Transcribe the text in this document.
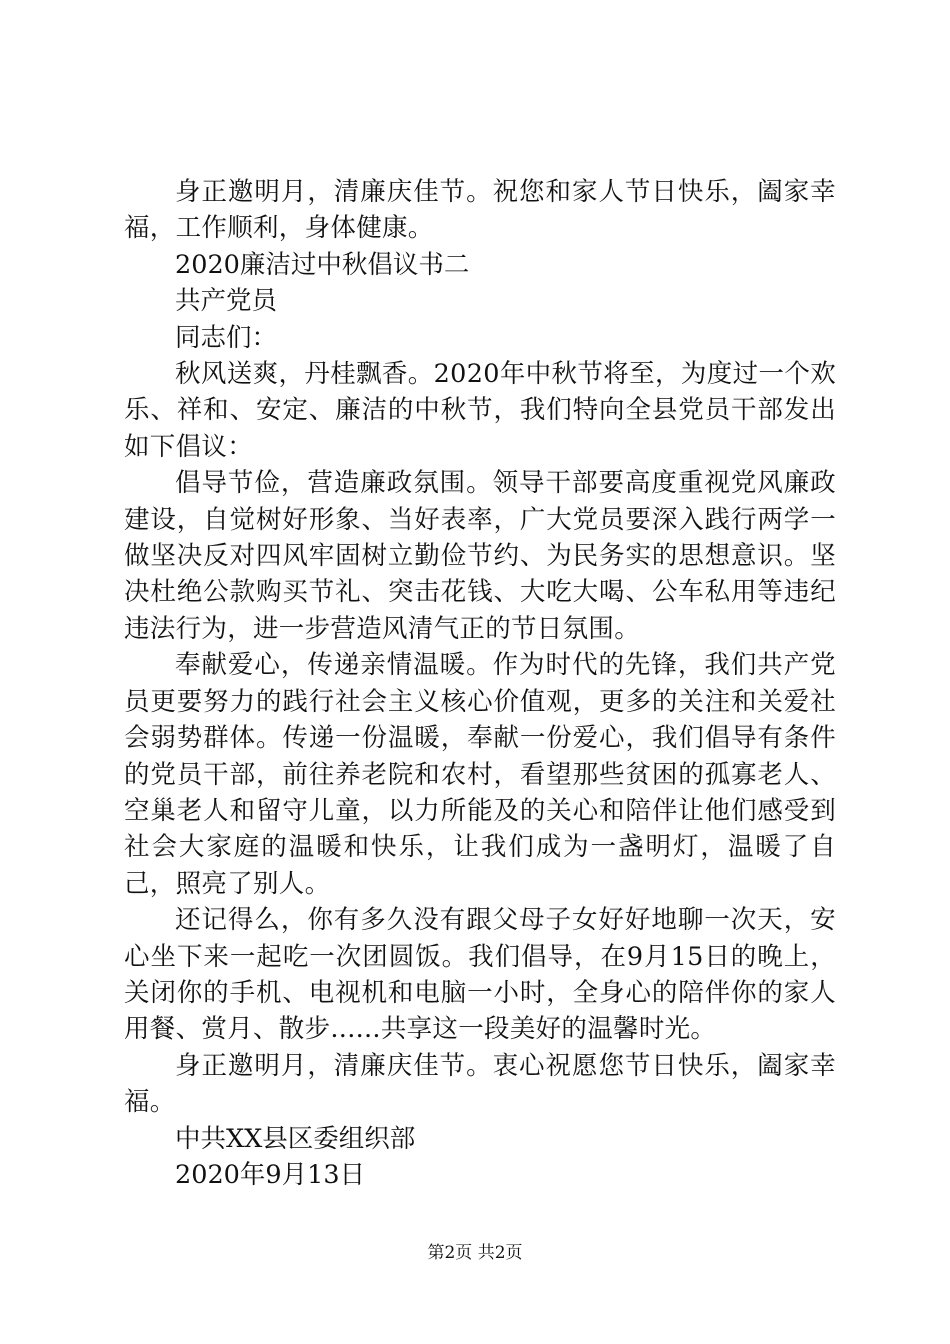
身正邀明月，清廉庆佳节。祝您和家人节日快乐，阖家幸福，工作顺利，身体健康。

2020廉洁过中秋倡议书二

共产党员

同志们：

秋风送爽，丹桂飘香。2020年中秋节将至，为度过一个欢乐、祥和、安定、廉洁的中秋节，我们特向全县党员干部发出如下倡议：

倡导节俭，营造廉政氛围。领导干部要高度重视党风廉政建设，自觉树好形象、当好表率，广大党员要深入践行两学一做坚决反对四风牢固树立勤俭节约、为民务实的思想意识。坚决杜绝公款购买节礼、突击花钱、大吃大喝、公车私用等违纪违法行为，进一步营造风清气正的节日氛围。

奉献爱心，传递亲情温暖。作为时代的先锋，我们共产党员更要努力的践行社会主义核心价值观，更多的关注和关爱社会弱势群体。传递一份温暖，奉献一份爱心，我们倡导有条件的党员干部，前往养老院和农村，看望那些贫困的孤寡老人、空巢老人和留守儿童，以力所能及的关心和陪伴让他们感受到社会大家庭的温暖和快乐，让我们成为一盏明灯，温暖了自己，照亮了别人。

还记得么，你有多久没有跟父母子女好好地聊一次天，安心坐下来一起吃一次团圆饭。我们倡导，在9月15日的晚上，关闭你的手机、电视机和电脑一小时，全身心的陪伴你的家人用餐、赏月、散步......共享这一段美好的温馨时光。

身正邀明月，清廉庆佳节。衷心祝愿您节日快乐，阖家幸福。

中共XX县区委组织部

2020年9月13日

第2页 共2页
